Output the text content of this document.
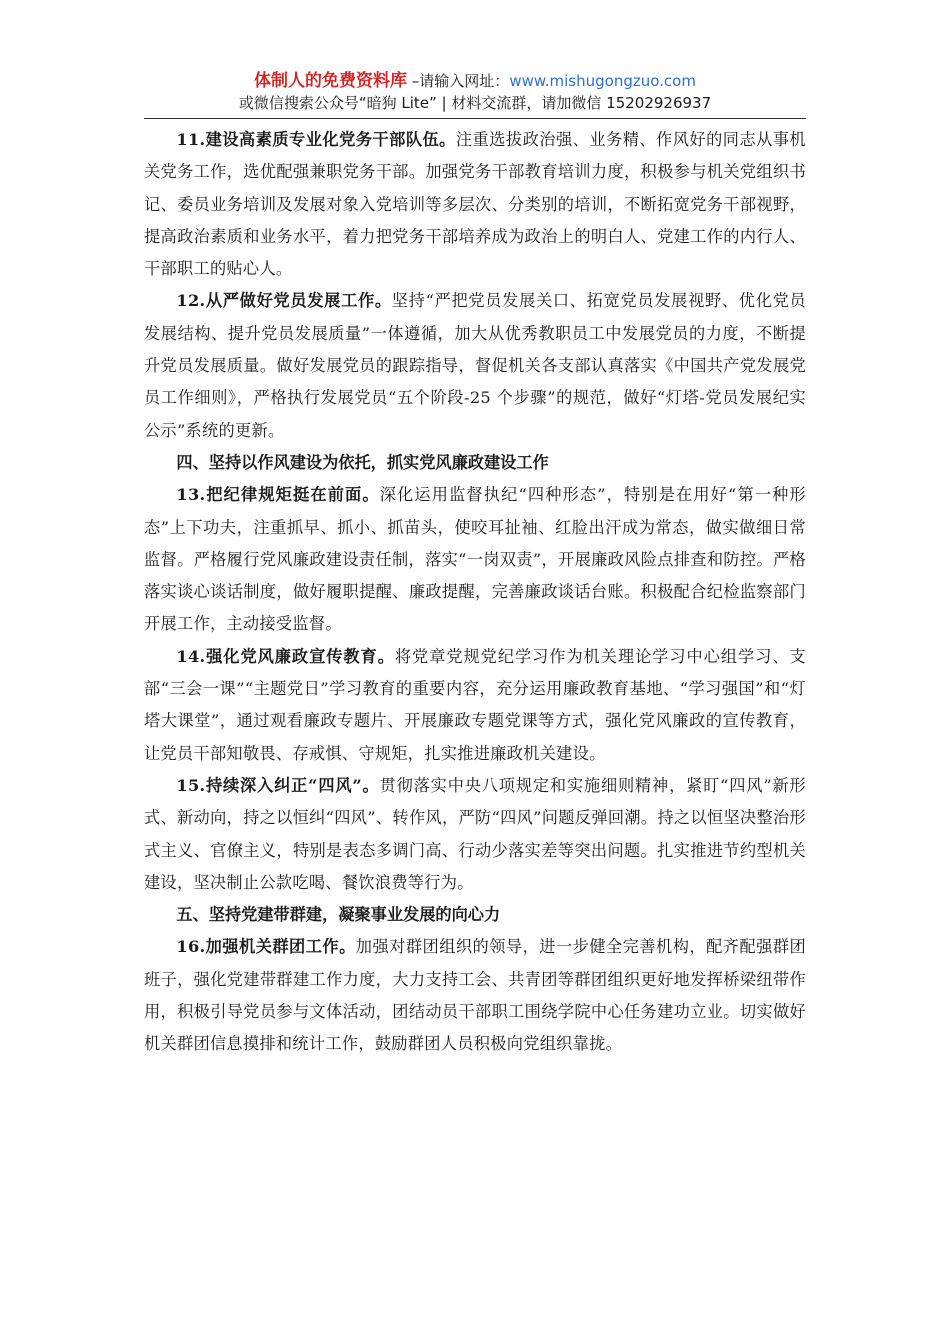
体制人的免费资料库 –请输入网址：www.mishugongzuo.com
或微信搜索公众号“暗狗 Lite” | 材料交流群，请加微信 15202926937

11.建设高素质专业化党务干部队伍。注重选拔政治强、业务精、作风好的同志从事机关党务工作，选优配强兼职党务干部。加强党务干部教育培训力度，积极参与机关党组织书记、委员业务培训及发展对象入党培训等多层次、分类别的培训，不断拓宽党务干部视野，提高政治素质和业务水平，着力把党务干部培养成为政治上的明白人、党建工作的内行人、干部职工的贴心人。

12.从严做好党员发展工作。坚持“严把党员发展关口、拓宽党员发展视野、优化党员发展结构、提升党员发展质量”一体遵循，加大从优秀教职员工中发展党员的力度，不断提升党员发展质量。做好发展党员的跟踪指导，督促机关各支部认真落实《中国共产党发展党员工作细则》，严格执行发展党员“五个阶段-25 个步骤”的规范，做好“灯塔-党员发展纪实公示”系统的更新。

四、坚持以作风建设为依托，抓实党风廉政建设工作

13.把纪律规矩挺在前面。深化运用监督执纪“四种形态”，特别是在用好“第一种形态”上下功夫，注重抓早、抓小、抓苗头，使咬耳扯袖、红脸出汗成为常态，做实做细日常监督。严格履行党风廉政建设责任制，落实“一岗双责”，开展廉政风险点排查和防控。严格落实谈心谈话制度，做好履职提醒、廉政提醒，完善廉政谈话台账。积极配合纪检监察部门开展工作，主动接受监督。

14.强化党风廉政宣传教育。将党章党规党纪学习作为机关理论学习中心组学习、支部“三会一课”“主题党日”学习教育的重要内容，充分运用廉政教育基地、“学习强国”和“灯塔大课堂”，通过观看廉政专题片、开展廉政专题党课等方式，强化党风廉政的宣传教育，让党员干部知敬畏、存戒惧、守规矩，扎实推进廉政机关建设。

15.持续深入纠正“四风”。贯彻落实中央八项规定和实施细则精神，紧盯“四风”新形式、新动向，持之以恒纠“四风”、转作风，严防“四风”问题反弹回潮。持之以恒坚决整治形式主义、官僚主义，特别是表态多调门高、行动少落实差等突出问题。扎实推进节约型机关建设，坚决制止公款吃喝、餐饮浪费等行为。

五、坚持党建带群建，凝聚事业发展的向心力

16.加强机关群团工作。加强对群团组织的领导，进一步健全完善机构，配齐配强群团班子，强化党建带群建工作力度，大力支持工会、共青团等群团组织更好地发挥桥梁纽带作用，积极引导党员参与文体活动，团结动员干部职工围绕学院中心任务建功立业。切实做好机关群团信息摸排和统计工作，鼓励群团人员积极向党组织靠拢。
